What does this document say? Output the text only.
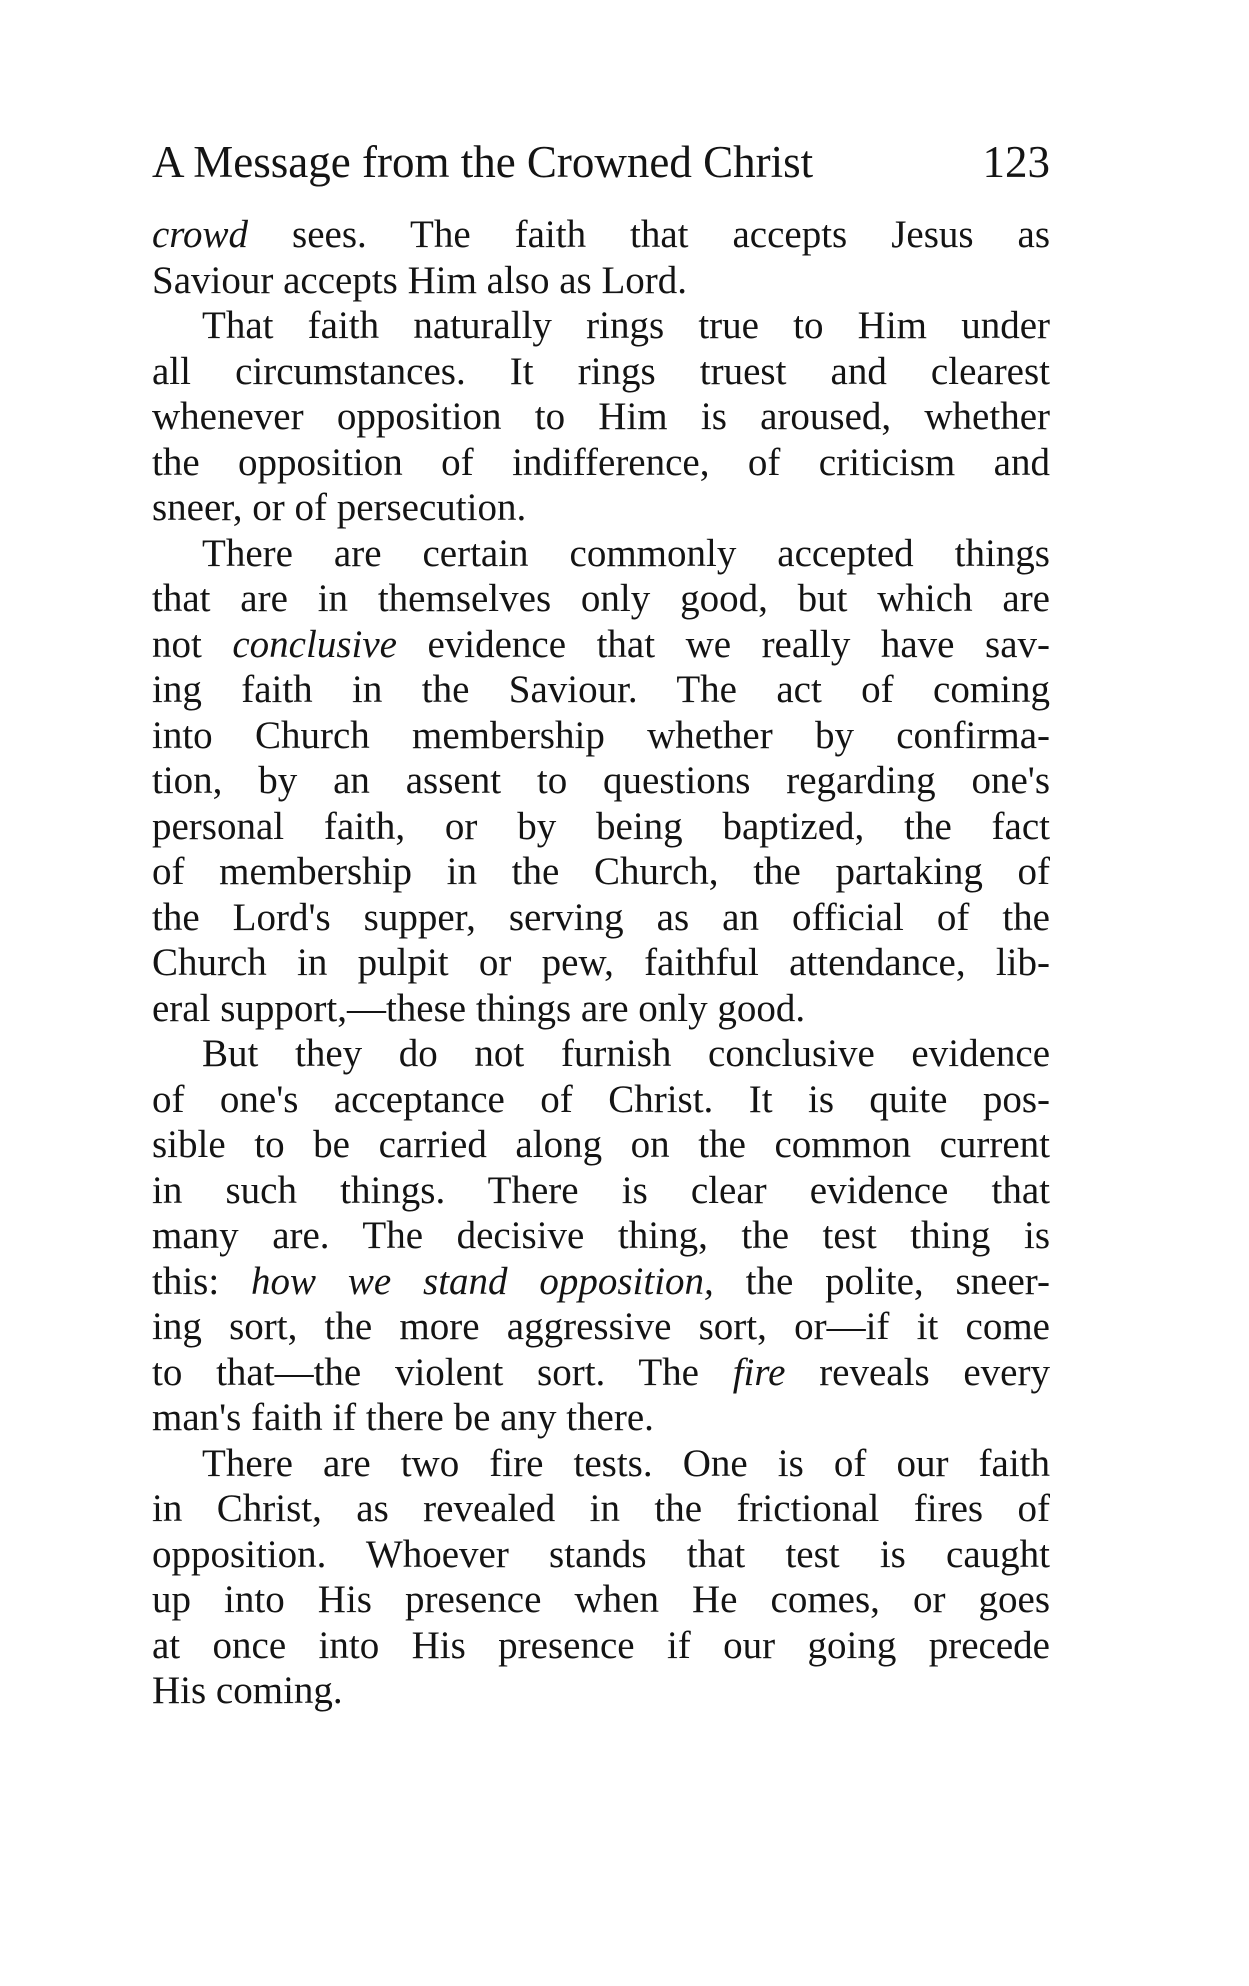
A Message from the Crowned Christ	123
crowd sees. The faith that accepts Jesus as
Saviour accepts Him also as Lord.
That faith naturally rings true to Him under
all circumstances. It rings truest and clearest
whenever opposition to Him is aroused, whether
the opposition of indifference, of criticism and
sneer, or of persecution.
There are certain commonly accepted things
that are in themselves only good, but which are
not conclusive evidence that we really have sav-
ing faith in the Saviour. The act of coming
into Church membership whether by confirma-
tion, by an assent to questions regarding one's
personal faith, or by being baptized, the fact
of membership in the Church, the partaking of
the Lord's supper, serving as an official of the
Church in pulpit or pew, faithful attendance, lib-
eral support,—these things are only good.
But they do not furnish conclusive evidence
of one's acceptance of Christ. It is quite pos-
sible to be carried along on the common current
in such things. There is clear evidence that
many are. The decisive thing, the test thing is
this: how we stand opposition, the polite, sneer-
ing sort, the more aggressive sort, or—if it come
to that—the violent sort. The fire reveals every
man's faith if there be any there.
There are two fire tests. One is of our faith
in Christ, as revealed in the frictional fires of
opposition. Whoever stands that test is caught
up into His presence when He comes, or goes
at once into His presence if our going precede
His coming.
